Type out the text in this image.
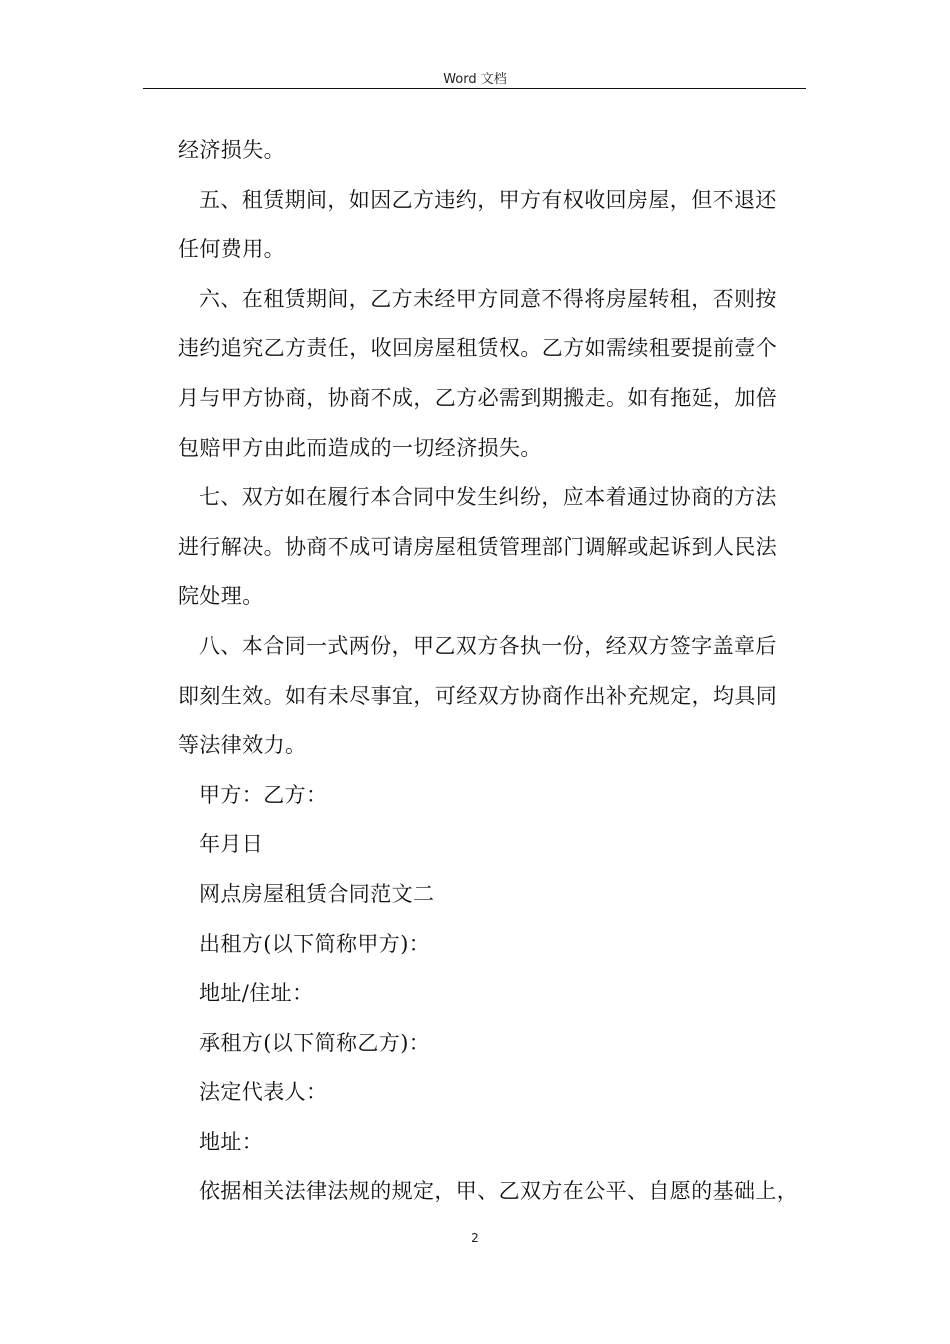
Word 文档

经济损失。

五、租赁期间，如因乙方违约，甲方有权收回房屋，但不退还

任何费用。

六、在租赁期间，乙方未经甲方同意不得将房屋转租，否则按

违约追究乙方责任，收回房屋租赁权。乙方如需续租要提前壹个

月与甲方协商，协商不成，乙方必需到期搬走。如有拖延，加倍

包赔甲方由此而造成的一切经济损失。

七、双方如在履行本合同中发生纠纷，应本着通过协商的方法

进行解决。协商不成可请房屋租赁管理部门调解或起诉到人民法

院处理。

八、本合同一式两份，甲乙双方各执一份，经双方签字盖章后

即刻生效。如有未尽事宜，可经双方协商作出补充规定，均具同

等法律效力。

甲方：乙方：

年月日

网点房屋租赁合同范文二

出租方(以下简称甲方)：

地址/住址：

承租方(以下简称乙方)：

法定代表人：

地址：

依据相关法律法规的规定，甲、乙双方在公平、自愿的基础上，

2
